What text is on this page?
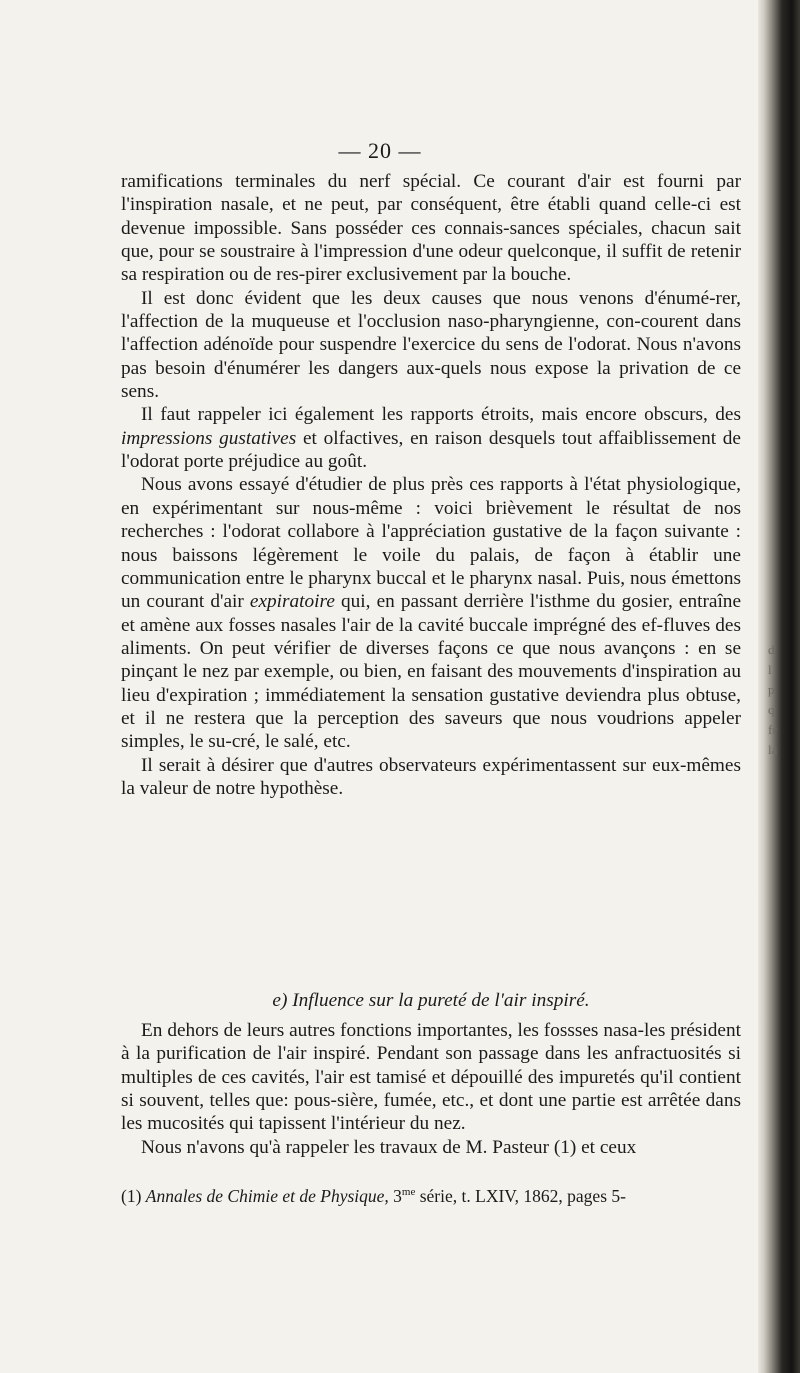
— 20 —

ramifications terminales du nerf spécial. Ce courant d'air est fourni par l'inspiration nasale, et ne peut, par conséquent, être établi quand celle-ci est devenue impossible. Sans posséder ces connais-sances spéciales, chacun sait que, pour se soustraire à l'impression d'une odeur quelconque, il suffit de retenir sa respiration ou de res-pirer exclusivement par la bouche.

Il est donc évident que les deux causes que nous venons d'énumé-rer, l'affection de la muqueuse et l'occlusion naso-pharyngienne, con-courent dans l'affection adénoïde pour suspendre l'exercice du sens de l'odorat. Nous n'avons pas besoin d'énumérer les dangers aux-quels nous expose la privation de ce sens.

Il faut rappeler ici également les rapports étroits, mais encore obscurs, des impressions gustatives et olfactives, en raison desquels tout affaiblissement de l'odorat porte préjudice au goût.

Nous avons essayé d'étudier de plus près ces rapports à l'état physiologique, en expérimentant sur nous-même : voici brièvement le résultat de nos recherches : l'odorat collabore à l'appréciation gustative de la façon suivante : nous baissons légèrement le voile du palais, de façon à établir une communication entre le pharynx buccal et le pharynx nasal. Puis, nous émettons un courant d'air expiratoire qui, en passant derrière l'isthme du gosier, entraîne et amène aux fosses nasales l'air de la cavité buccale imprégné des ef-fluves des aliments. On peut vérifier de diverses façons ce que nous avançons : en se pinçant le nez par exemple, ou bien, en faisant des mouvements d'inspiration au lieu d'expiration ; immédiatement la sensation gustative deviendra plus obtuse, et il ne restera que la perception des saveurs que nous voudrions appeler simples, le su-cré, le salé, etc.

Il serait à désirer que d'autres observateurs expérimentassent sur eux-mêmes la valeur de notre hypothèse.

e) Influence sur la pureté de l'air inspiré.

En dehors de leurs autres fonctions importantes, les fossses nasa-les président à la purification de l'air inspiré. Pendant son passage dans les anfractuosités si multiples de ces cavités, l'air est tamisé et dépouillé des impuretés qu'il contient si souvent, telles que: pous-sière, fumée, etc., et dont une partie est arrêtée dans les mucosités qui tapissent l'intérieur du nez.

Nous n'avons qu'à rappeler les travaux de M. Pasteur (1) et ceux

(1) Annales de Chimie et de Physique, $3^{me}$ série, t. LXIV, 1862, pages 5-
d
l
p
q
fr
la
